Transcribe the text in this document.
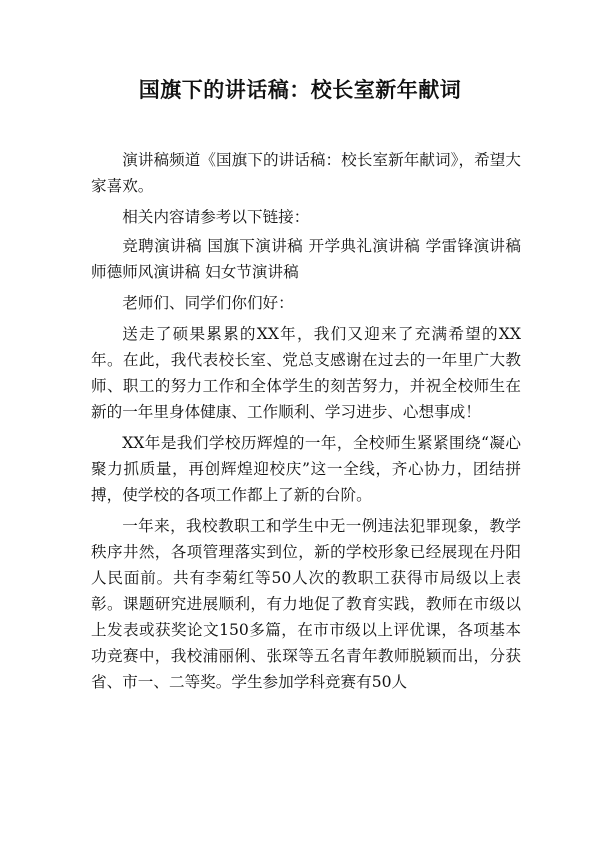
国旗下的讲话稿：校长室新年献词

演讲稿频道《国旗下的讲话稿：校长室新年献词》，希望大家喜欢。

相关内容请参考以下链接：

竞聘演讲稿 国旗下演讲稿 开学典礼演讲稿 学雷锋演讲稿 师德师风演讲稿 妇女节演讲稿

老师们、同学们你们好：

送走了硕果累累的XX年，我们又迎来了充满希望的XX年。在此，我代表校长室、党总支感谢在过去的一年里广大教师、职工的努力工作和全体学生的刻苦努力，并祝全校师生在新的一年里身体健康、工作顺利、学习进步、心想事成！

XX年是我们学校历辉煌的一年，全校师生紧紧围绕“凝心聚力抓质量，再创辉煌迎校庆”这一全线，齐心协力，团结拼搏，使学校的各项工作都上了新的台阶。

一年来，我校教职工和学生中无一例违法犯罪现象，教学秩序井然，各项管理落实到位，新的学校形象已经展现在丹阳人民面前。共有李菊红等50人次的教职工获得市局级以上表彰。课题研究进展顺利，有力地促了教育实践，教师在市级以上发表或获奖论文150多篇，在市市级以上评优课，各项基本功竞赛中，我校浦丽俐、张琛等五名青年教师脱颖而出，分获省、市一、二等奖。学生参加学科竞赛有50人
